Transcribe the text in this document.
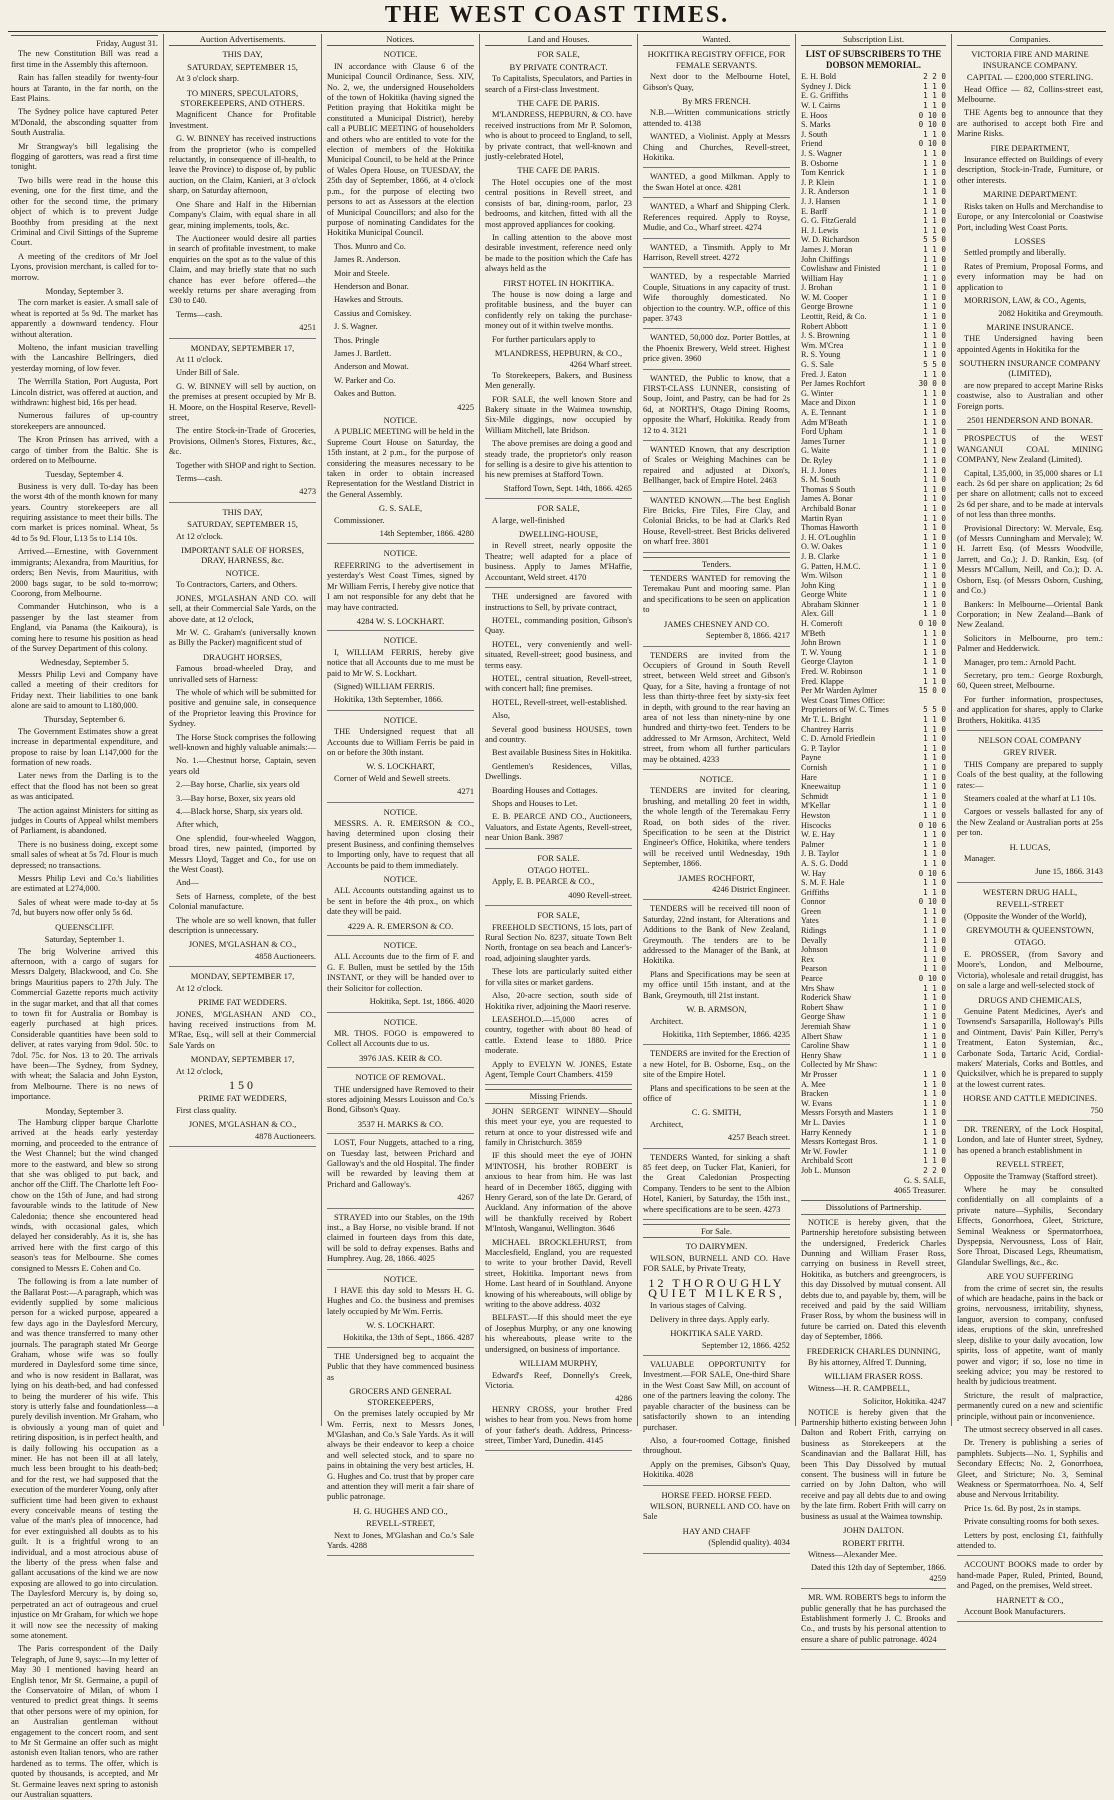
THE WEST COAST TIMES.
Friday, August 31.
The new Constitution Bill was read a first time in the Assembly this afternoon.
Rain has fallen steadily for twenty-four hours at Taranto, in the far north, on the East Plains.
The Sydney police have captured Peter M'Donald, the absconding squatter from South Australia.
Mr Strangway's bill legalising the flogging of garotters, was read a first time tonight.
Two bills were read in the house this evening, one for the first time, and the other for the second time, the primary object of which is to prevent Judge Boothby from presiding at the next Criminal and Civil Sittings of the Supreme Court.
A meeting of the creditors of Mr Joel Lyons, provision merchant, is called for to-morrow.
Monday, September 3.
The corn market is easier. A small sale of wheat is reported at 5s 9d. The market has apparently a downward tendency. Flour without alteration.
Molteno, the infant musician travelling with the Lancashire Bellringers, died yesterday morning, of low fever.
The Werrilla Station, Port Augusta, Port Lincoln district, was offered at auction, and withdrawn: highest bid, 16s per head.
Numerous failures of up-country storekeepers are announced.
The Kron Prinsen has arrived, with a cargo of timber from the Baltic. She is ordered on to Melbourne.
Tuesday, September 4.
Business is very dull. To-day has been the worst 4th of the month known for many years. Country storekeepers are all requiring assistance to meet their bills. The corn market is prices nominal. Wheat, 5s 4d to 5s 9d. Flour, L13 5s to L14 10s.
Arrived.—Ernestine, with Government immigrants; Alexandra, from Mauritius, for orders; Ben Nevis, from Mauritius, with 2000 bags sugar, to be sold to-morrow; Coorong, from Melbourne.
Commander Hutchinson, who is a passenger by the last steamer from England, via Panama (the Kaikoura), is coming here to resume his position as head of the Survey Department of this colony.
Wednesday, September 5.
Messrs Philip Levi and Company have called a meeting of their creditors for Friday next. Their liabilities to one bank alone are said to amount to L180,000.
Thursday, September 6.
The Government Estimates show a great increase in departmental expenditure, and propose to raise by loan L147,000 for the formation of new roads.
Later news from the Darling is to the effect that the flood has not been so great as was anticipated.
The action against Ministers for sitting as judges in Courts of Appeal whilst members of Parliament, is abandoned.
There is no business doing, except some small sales of wheat at 5s 7d. Flour is much depressed; no transactions.
Messrs Philip Levi and Co.'s liabilities are estimated at L274,000.
Sales of wheat were made to-day at 5s 7d, but buyers now offer only 5s 6d.
QUEENSCLIFF.
Saturday, September 1.
The brig Wolverine arrived this afternoon, with a cargo of sugars for Messrs Dalgety, Blackwood, and Co. She brings Mauritius papers to 27th July. The Commercial Gazette reports much activity in the sugar market, and that all that comes to town fit for Australia or Bombay is eagerly purchased at high prices. Considerable quantities have been sold to deliver, at rates varying from 9dol. 50c. to 7dol. 75c. for Nos. 13 to 20. The arrivals have been—The Sydney, from Sydney, with wheat; the Salacia and John Eyston, from Melbourne. There is no news of importance.
Monday, September 3.
The Hamburg clipper barque Charlotte arrived at the heads early yesterday morning, and proceeded to the entrance of the West Channel; but the wind changed more to the eastward, and blew so strong that she was obliged to put back, and anchor off the Cliff. The Charlotte left Foo-chow on the 15th of June, and had strong favourable winds to the latitude of New Caledonia; thence she encountered head winds, with occasional gales, which delayed her considerably. As it is, she has arrived here with the first cargo of this season's teas for Melbourne. She comes consigned to Messrs E. Cohen and Co.
The following is from a late number of the Ballarat Post:—A paragraph, which was evidently supplied by some malicious person for a wicked purpose, appeared a few days ago in the Daylesford Mercury, and was thence transferred to many other journals. The paragraph stated Mr George Graham, whose wife was so foully murdered in Daylesford some time since, and who is now resident in Ballarat, was lying on his death-bed, and had confessed to being the murderer of his wife. This story is utterly false and foundationless—a purely devilish invention. Mr Graham, who is obviously a young man of quiet and retiring disposition, is in perfect health, and is daily following his occupation as a miner. He has not been ill at all lately, much less been brought to his death-bed; and for the rest, we had supposed that the execution of the murderer Young, only after sufficient time had been given to exhaust every conceivable means of testing the value of the man's plea of innocence, had for ever extinguished all doubts as to his guilt. It is a frightful wrong to an individual, and a most atrocious abuse of the liberty of the press when false and gallant accusations of the kind we are now exposing are allowed to go into circulation. The Daylesford Mercury is, by doing so, perpetrated an act of outrageous and cruel injustice on Mr Graham, for which we hope it will now see the necessity of making some atonement.
The Paris correspondent of the Daily Telegraph, of June 9, says:—In my letter of May 30 I mentioned having heard an English tenor, Mr St. Germaine, a pupil of the Conservatoire of Milan, of whom I ventured to predict great things. It seems that other persons were of my opinion, for an Australian gentleman without engagement to the concert room, and sent to Mr St Germaine an offer such as might astonish even Italian tenors, who are rather hardened as to terms. The offer, which is quoted by thousands, is accepted, and Mr St. Germaine leaves next spring to astonish our Australian squatters.
Auction Advertisements.
THIS DAY,
SATURDAY, SEPTEMBER 15,
At 3 o'clock sharp.
TO MINERS, SPECULATORS, STOREKEEPERS, AND OTHERS.
Magnificent Chance for Profitable Investment.
G. W. BINNEY has received instructions from the proprietor (who is compelled reluctantly, in consequence of ill-health, to leave the Province) to dispose of, by public auction, on the Claim, Kanieri, at 3 o'clock sharp, on Saturday afternoon,
One Share and Half in the Hibernian Company's Claim, with equal share in all gear, mining implements, tools, &c.
The Auctioneer would desire all parties in search of profitable investment, to make enquiries on the spot as to the value of this Claim, and may briefly state that no such chance has ever before offered—the weekly returns per share averaging from £30 to £40.
Terms—cash.
4251
MONDAY, SEPTEMBER 17,
At 11 o'clock.
Under Bill of Sale.
G. W. BINNEY will sell by auction, on the premises at present occupied by Mr B. H. Moore, on the Hospital Reserve, Revell-street,
The entire Stock-in-Trade of Groceries, Provisions, Oilmen's Stores, Fixtures, &c., &c.
Together with SHOP and right to Section.
Terms—cash.
4273
THIS DAY,
SATURDAY, SEPTEMBER 15,
At 12 o'clock.
IMPORTANT SALE OF HORSES, DRAY, HARNESS, &c.
NOTICE.
To Contractors, Carters, and Others.
JONES, M'GLASHAN AND CO. will sell, at their Commercial Sale Yards, on the above date, at 12 o'clock,
Mr W. C. Graham's (universally known as Billy the Packer) magnificent stud of
DRAUGHT HORSES,
Famous broad-wheeled Dray, and unrivalled sets of Harness:
The whole of which will be submitted for positive and genuine sale, in consequence of the Proprietor leaving this Province for Sydney.
The Horse Stock comprises the following well-known and highly valuable animals:—
No. 1.—Chestnut horse, Captain, seven years old
2.—Bay horse, Charlie, six years old
3.—Bay horse, Boxer, six years old
4.—Black horse, Sharp, six years old.
After which,
One splendid, four-wheeled Waggon, broad tires, new painted, (imported by Messrs Lloyd, Tagget and Co., for use on the West Coast).
And—
Sets of Harness, complete, of the best Colonial manufacture.
The whole are so well known, that fuller description is unnecessary.
JONES, M'GLASHAN & CO.,
4858 Auctioneers.
MONDAY, SEPTEMBER 17,
At 12 o'clock.
PRIME FAT WEDDERS.
JONES, M'GLASHAN AND CO., having received instructions from M. M'Rae, Esq., will sell at their Commercial Sale Yards on
MONDAY, SEPTEMBER 17,
At 12 o'clock,
150
PRIME FAT WEDDERS,
First class quality.
JONES, M'GLASHAN & CO.,
4878 Auctioneers.
Notices.
NOTICE.
IN accordance with Clause 6 of the Municipal Council Ordinance, Sess. XIV, No. 2, we, the undersigned Householders of the town of Hokitika (having signed the Petition praying that Hokitika might be constituted a Municipal District), hereby call a PUBLIC MEETING of householders and others who are entitled to vote for the election of members of the Hokitika Municipal Council, to be held at the Prince of Wales Opera House, on TUESDAY, the 25th day of September, 1866, at 4 o'clock p.m., for the purpose of electing two persons to act as Assessors at the election of Municipal Councillors; and also for the purpose of nominating Candidates for the Hokitika Municipal Council.
Thos. Munro and Co.
James R. Anderson.
Moir and Steele.
Henderson and Bonar.
Hawkes and Strouts.
Cassius and Comiskey.
J. S. Wagner.
Thos. Pringle
James J. Bartlett.
Anderson and Mowat.
W. Parker and Co.
Oakes and Button.
4225
NOTICE.
A PUBLIC MEETING will be held in the Supreme Court House on Saturday, the 15th instant, at 2 p.m., for the purpose of considering the measures necessary to be taken in order to obtain increased Representation for the Westland District in the General Assembly.
G. S. SALE,
Commissioner.
14th September, 1866. 4280
NOTICE.
REFERRING to the advertisement in yesterday's West Coast Times, signed by Mr William Ferris, I hereby give notice that I am not responsible for any debt that he may have contracted.
4284 W. S. LOCKHART.
NOTICE.
I, WILLIAM FERRIS, hereby give notice that all Accounts due to me must be paid to Mr W. S. Lockhart.
(Signed) WILLIAM FERRIS.
Hokitika, 13th September, 1866.
NOTICE.
THE Undersigned request that all Accounts due to William Ferris be paid in on or before the 30th instant.
W. S. LOCKHART,
Corner of Weld and Sewell streets.
4271
NOTICE.
MESSRS. A. R. EMERSON & CO., having determined upon closing their present Business, and confining themselves to Importing only, have to request that all Accounts be paid to them immediately.
NOTICE.
ALL Accounts outstanding against us to be sent in before the 4th prox., on which date they will be paid.
4229 A. R. EMERSON & CO.
NOTICE.
ALL Accounts due to the firm of F. and G. F. Bullen, must be settled by the 15th INSTANT, or they will be handed over to their Solicitor for collection.
Hokitika, Sept. 1st, 1866. 4020
NOTICE.
MR. THOS. FOGO is empowered to Collect all Accounts due to us.
3976 JAS. KEIR & CO.
NOTICE OF REMOVAL.
THE undersigned have Removed to their stores adjoining Messrs Louisson and Co.'s Bond, Gibson's Quay.
3537 H. MARKS & CO.
LOST, Four Nuggets, attached to a ring, on Tuesday last, between Prichard and Galloway's and the old Hospital. The finder will be rewarded by leaving them at Prichard and Galloway's.
4267
STRAYED into our Stables, on the 19th inst., a Bay Horse, no visible brand. If not claimed in fourteen days from this date, will be sold to defray expenses. Baths and Humphrey. Aug. 28, 1866. 4025
NOTICE.
I HAVE this day sold to Messrs H. G. Hughes and Co. the business and premises lately occupied by Mr Wm. Ferris.
W. S. LOCKHART.
Hokitika, the 13th of Sept., 1866. 4287
THE Undersigned beg to acquaint the Public that they have commenced business as
GROCERS AND GENERAL STOREKEEPERS,
On the premises lately occupied by Mr Wm. Ferris, next to Messrs Jones, M'Glashan, and Co.'s Sale Yards. As it will always be their endeavor to keep a choice and well selected stock, and to spare no pains in obtaining the very best articles, H. G. Hughes and Co. trust that by proper care and attention they will merit a fair share of public patronage.
H. G. HUGHES AND CO.,
REVELL-STREET,
Next to Jones, M'Glashan and Co.'s Sale Yards. 4288
Land and Houses.
FOR SALE,
BY PRIVATE CONTRACT.
To Capitalists, Speculators, and Parties in search of a First-class Investment.
THE CAFE DE PARIS.
M'LANDRESS, HEPBURN, & CO. have received instructions from Mr P. Solomon, who is about to proceed to England, to sell, by private contract, that well-known and justly-celebrated Hotel,
THE CAFE DE PARIS.
The Hotel occupies one of the most central positions in Revell street, and consists of bar, dining-room, parlor, 23 bedrooms, and kitchen, fitted with all the most approved appliances for cooking.
In calling attention to the above most desirable investment, reference need only be made to the position which the Cafe has always held as the
FIRST HOTEL IN HOKITIKA.
The house is now doing a large and profitable business, and the buyer can confidently rely on taking the purchase-money out of it within twelve months.
For further particulars apply to
M'LANDRESS, HEPBURN, & CO.,
4264 Wharf street.
To Storekeepers, Bakers, and Business Men generally.
FOR SALE, the well known Store and Bakery situate in the Waimea township, Six-Mile diggings, now occupied by William Mitchell, late Bridson.
The above premises are doing a good and steady trade, the proprietor's only reason for selling is a desire to give his attention to his new premises at Stafford Town.
Stafford Town, Sept. 14th, 1866. 4265
FOR SALE,
A large, well-finished
DWELLING-HOUSE,
in Revell street, nearly opposite the Theatre; well adapted for a place of business. Apply to James M'Haffie, Accountant, Weld street. 4170
THE undersigned are favored with instructions to Sell, by private contract,
HOTEL, commanding position, Gibson's Quay.
HOTEL, very conveniently and well-situated, Revell-street; good business, and terms easy.
HOTEL, central situation, Revell-street, with concert hall; fine premises.
HOTEL, Revell-street, well-established.
Also,
Several good business HOUSES, town and country.
Best available Business Sites in Hokitika.
Gentlemen's Residences, Villas, Dwellings.
Boarding Houses and Cottages.
Shops and Houses to Let.
E. B. PEARCE AND CO., Auctioneers, Valuators, and Estate Agents, Revell-street, near Union Bank. 3987
FOR SALE.
OTAGO HOTEL.
Apply, E. B. PEARCE & CO.,
4090 Revell-street.
FOR SALE,
FREEHOLD SECTIONS, 15 lots, part of Rural Section No. 8237, situate Town Belt North, frontage on sea beach and Lancer's-road, adjoining slaughter yards.
These lots are particularly suited either for villa sites or market gardens.
Also, 20-acre section, south side of Hokitika river, adjoining the Maori reserve.
LEASEHOLD.—15,000 acres of country, together with about 80 head of cattle. Extend lease to 1880. Price moderate.
Apply to EVELYN W. JONES, Estate Agent, Temple Court Chambers. 4159
Missing Friends.
JOHN SERGENT WINNEY—Should this meet your eye, you are requested to return at once to your distressed wife and family in Christchurch. 3859
IF this should meet the eye of JOHN M'INTOSH, his brother ROBERT is anxious to hear from him. He was last heard of in December 1865, digging with Henry Gerard, son of the late Dr. Gerard, of Auckland. Any information of the above will be thankfully received by Robert M'Intosh, Wanganui, Wellington. 3646
MICHAEL BROCKLEHURST, from Macclesfield, England, you are requested to write to your brother David, Revell street, Hokitika. Important news from Home. Last heard of in Southland. Anyone knowing of his whereabouts, will oblige by writing to the above address. 4032
BELFAST.—If this should meet the eye of Josephus Murphy, or any one knowing his whereabouts, please write to the undersigned, on business of importance.
WILLIAM MURPHY,
Edward's Reef, Donnelly's Creek, Victoria.
4286
HENRY CROSS, your brother Fred wishes to hear from you. News from home of your father's death. Address, Princess-street, Timber Yard, Dunedin. 4145
Wanted.
HOKITIKA REGISTRY OFFICE, FOR FEMALE SERVANTS.
Next door to the Melbourne Hotel, Gibson's Quay,
By MRS FRENCH.
N.B.—Written communications strictly attended to. 4138
WANTED, a Violinist. Apply at Messrs Ching and Churches, Revell-street, Hokitika.
WANTED, a good Milkman. Apply to the Swan Hotel at once. 4281
WANTED, a Wharf and Shipping Clerk. References required. Apply to Royse, Mudie, and Co., Wharf street. 4274
WANTED, a Tinsmith. Apply to Mr Harrison, Revell street. 4272
WANTED, by a respectable Married Couple, Situations in any capacity of trust. Wife thoroughly domesticated. No objection to the country. W.P., office of this paper. 3743
WANTED, 50,000 doz. Porter Bottles, at the Phoenix Brewery, Weld street. Highest price given. 3960
WANTED, the Public to know, that a FIRST-CLASS LUNNER, consisting of Soup, Joint, and Pastry, can be had for 2s 6d, at NORTH'S, Otago Dining Rooms, opposite the Wharf, Hokitika. Ready from 12 to 4. 3121
WANTED Known, that any description of Scales or Weighing Machines can be repaired and adjusted at Dixon's, Bellhanger, back of Empire Hotel. 2463
WANTED KNOWN.—The best English Fire Bricks, Fire Tiles, Fire Clay, and Colonial Bricks, to be had at Clark's Red House, Revell-street. Best Bricks delivered on wharf free. 3801
Tenders.
TENDERS WANTED for removing the Teremakau Punt and mooring same. Plan and specifications to be seen on application to
JAMES CHESNEY AND CO.
September 8, 1866. 4217
TENDERS are invited from the Occupiers of Ground in South Revell street, between Weld street and Gibson's Quay, for a Site, having a frontage of not less than thirty-three feet by sixty-six feet in depth, with ground to the rear having an area of not less than ninety-nine by one hundred and thirty-two feet. Tenders to be addressed to Mr Armson, Architect, Weld street, from whom all further particulars may be obtained. 4233
NOTICE.
TENDERS are invited for clearing, brushing, and metalling 20 feet in width, the whole length of the Teremakau Ferry Road, on both sides of the river. Specification to be seen at the District Engineer's Office, Hokitika, where tenders will be received until Wednesday, 19th September, 1866.
JAMES ROCHFORT,
4246 District Engineer.
TENDERS will be received till noon of Saturday, 22nd instant, for Alterations and Additions to the Bank of New Zealand, Greymouth. The tenders are to be addressed to the Manager of the Bank, at Hokitika.
Plans and Specifications may be seen at my office until 15th instant, and at the Bank, Greymouth, till 21st instant.
W. B. ARMSON,
Architect.
Hokitika, 11th September, 1866. 4235
TENDERS are invited for the Erection of a new Hotel, for B. Osborne, Esq., on the site of the Empire Hotel.
Plans and specifications to be seen at the office of
C. G. SMITH,
Architect,
4257 Beach street.
TENDERS Wanted, for sinking a shaft 85 feet deep, on Tucker Flat, Kanieri, for the Great Caledonian Prospecting Company. Tenders to be sent to the Albion Hotel, Kanieri, by Saturday, the 15th inst., where specifications are to be seen. 4273
For Sale.
TO DAIRYMEN.
WILSON, BURNELL AND CO. Have FOR SALE, by Private Treaty,
12 THOROUGHLY QUIET MILKERS,
In various stages of Calving.
Delivery in three days. Apply early.
HOKITIKA SALE YARD.
September 12, 1866. 4252
VALUABLE OPPORTUNITY for Investment.—FOR SALE, One-third Share in the West Coast Saw Mill, on account of one of the partners leaving the colony. The payable character of the business can be satisfactorily shown to an intending purchaser.
Also, a four-roomed Cottage, finished throughout.
Apply on the premises, Gibson's Quay, Hokitika. 4028
HORSE FEED. HORSE FEED.
WILSON, BURNELL AND CO. have on Sale
HAY AND CHAFF
(Splendid quality). 4034
Subscription List.
LIST OF SUBSCRIBERS TO THE DOBSON MEMORIAL.
E. H. Bold	2 2 0
Sydney J. Dick	1 1 0
E. G. Griffiths	1 1 0
W. I. Cairns	1 1 0
E. Hoos	0 10 0
S. Marks	0 10 0
J. South	1 1 0
Friend	0 10 0
J. S. Wagner	1 1 0
B. Osborne	1 1 0
Tom Kenrick	1 1 0
J. P. Klein	1 1 0
J. R. Anderson	1 1 0
J. J. Hansen	1 1 0
E. Barff	1 1 0
G. G. FitzGerald	1 1 0
H. J. Lewis	1 1 0
W. D. Richardson	5 5 0
James J. Moran	1 1 0
John Chiffings	1 1 0
Cowlishaw and Finisted	1 1 0
William Hay	1 1 0
J. Brohan	1 1 0
W. M. Cooper	1 1 0
George Browne	1 1 0
Leottit, Reid, & Co.	1 1 0
Robert Abbott	1 1 0
J. S. Browning	1 1 0
Wm. M'Crea	1 1 0
R. S. Young	1 1 0
G. S. Sale	5 5 0
Fred. J. Eaton	1 1 0
Per James Rochfort	30 0 0
G. Winter	1 1 0
Mace and Dixon	1 1 0
A. E. Tennant	1 1 0
Adm M'Beath	1 1 0
Ford Upham	1 1 0
James Turner	1 1 0
G. Waite	1 1 0
Dr. Ryley	1 1 0
H. J. Jones	1 1 0
S. M. South	1 1 0
Thomas S South	1 1 0
James A. Bonar	1 1 0
Archibald Bonar	1 1 0
Martin Ryan	1 1 0
Thomas Haworth	1 1 0
J. H. O'Loughlin	1 1 0
O. W. Oakes	1 1 0
J. B. Clarke	1 1 0
G. Patten, H.M.C.	1 1 0
Wm. Wilson	1 1 0
John King	1 1 0
George White	1 1 0
Abraham Skinner	1 1 0
Alex. Gill	1 1 0
H. Comeroft	0 10 0
M'Beth	1 1 0
John Brown	1 1 0
T. W. Young	1 1 0
George Clayton	1 1 0
Fred. W. Robinson	1 1 0
Fred. Klappe	1 1 0
Per Mr Warden Aylmer	15 0 0
West Coast Times Office:
Proprietors of W. C. Times	5 5 0
Mr T. L. Bright	1 1 0
Chantrey Harris	1 1 0
C. D. Arnold Friedlein	1 1 0
G. P. Taylor	1 1 0
Payne	1 1 0
Cornish	1 1 0
Hare	1 1 0
Kneewaitup	1 1 0
Schmidt	1 1 0
M'Kellar	1 1 0
Hewston	1 1 0
Hiscocks	0 10 6
W. E. Hay	1 1 0
Palmer	1 1 0
J. B. Taylor	1 1 0
A. S. G. Dodd	1 1 0
W. Hay	0 10 6
S. M. F. Hale	1 1 0
Griffiths	1 1 0
Connor	0 10 0
Green	1 1 0
Yates	1 1 0
Ridings	1 1 0
Devally	1 1 0
Johnson	1 1 0
Rex	1 1 0
Pearson	1 1 0
Pearce	0 10 0
Mrs Shaw	1 1 0
Roderick Shaw	1 1 0
Robert Shaw	1 1 0
George Shaw	1 1 0
Jeremiah Shaw	1 1 0
Albert Shaw	1 1 0
Caroline Shaw	1 1 0
Henry Shaw	1 1 0
Collected by Mr Shaw:
Mr Prosser	1 1 0
A. Mee	1 1 0
Bracken	1 1 0
W. Evans	1 1 0
Messrs Forsyth and Masters	1 1 0
Mr L. Davies	1 1 0
Harry Kennedy	1 1 0
Messrs Kortegast Bros.	1 1 0
Mr W. Fowler	1 1 0
Archibald Scott	1 1 0
Job L. Munson	2 2 0
G. S. SALE,
4065 Treasurer.
Dissolutions of Partnership.
NOTICE is hereby given, that the Partnership heretofore subsisting between the undersigned, Frederick Charles Dunning and William Fraser Ross, carrying on business in Revell street, Hokitika, as butchers and greengrocers, is this day Dissolved by mutual consent. All debts due to, and payable by, them, will be received and paid by the said William Fraser Ross, by whom the business will in future be carried on. Dated this eleventh day of September, 1866.
FREDERICK CHARLES DUNNING,
By his attorney, Alfred T. Dunning,
WILLIAM FRASER ROSS.
Witness—H. R. CAMPBELL,
Solicitor, Hokitika. 4247
NOTICE is hereby given that the Partnership hitherto existing between John Dalton and Robert Frith, carrying on business as Storekeepers at the Scandinavian and the Ballarat Hill, has been This Day Dissolved by mutual consent. The business will in future be carried on by John Dalton, who will receive and pay all debts due to and owing by the late firm. Robert Frith will carry on business as usual at the Waimea township.
JOHN DALTON.
ROBERT FRITH.
Witness—Alexander Mee.
Dated this 12th day of September, 1866. 4259
MR. WM. ROBERTS begs to inform the public generally that he has purchased the Establishment formerly J. C. Brooks and Co., and trusts by his personal attention to ensure a share of public patronage. 4024
Companies.
VICTORIA FIRE AND MARINE INSURANCE COMPANY.
CAPITAL — £200,000 STERLING.
Head Office — 82, Collins-street east, Melbourne.
THE Agents beg to announce that they are authorised to accept both Fire and Marine Risks.
FIRE DEPARTMENT,
Insurance effected on Buildings of every description, Stock-in-Trade, Furniture, or other interests.
MARINE DEPARTMENT.
Risks taken on Hulls and Merchandise to Europe, or any Intercolonial or Coastwise Port, including West Coast Ports.
LOSSES
Settled promptly and liberally.
Rates of Premium, Proposal Forms, and every information may be had on application to
MORRISON, LAW, & CO., Agents,
2082 Hokitika and Greymouth.
MARINE INSURANCE.
THE Undersigned having been appointed Agents in Hokitika for the
SOUTHERN INSURANCE COMPANY (LIMITED),
are now prepared to accept Marine Risks coastwise, also to Australian and other Foreign ports.
2501 HENDERSON AND BONAR.
PROSPECTUS of the WEST WANGANUI COAL MINING COMPANY, New Zealand (Limited).
Capital, L35,000, in 35,000 shares or L1 each. 2s 6d per share on application; 2s 6d per share on allotment; calls not to exceed 2s 6d per share, and to be made at intervals of not less than three months.
Provisional Directory: W. Mervale, Esq. (of Messrs Cunningham and Mervale); W. H. Jarrett Esq. (of Messrs Woodville, Jarrett, and Co.); J. D. Rankin, Esq. (of Messrs M'Callum, Neill, and Co.); D. A. Osborn, Esq. (of Messrs Osborn, Cushing, and Co.)
Bankers: In Melbourne—Oriental Bank Corporation; in New Zealand—Bank of New Zealand.
Solicitors in Melbourne, pro tem.: Palmer and Hedderwick.
Manager, pro tem.: Arnold Pacht.
Secretary, pro tem.: George Roxburgh, 60, Queen street, Melbourne.
For further information, prospectuses, and application for shares, apply to Clarke Brothers, Hokitika. 4135
NELSON COAL COMPANY
GREY RIVER.
THIS Company are prepared to supply Coals of the best quality, at the following rates:—
Steamers coaled at the wharf at L1 10s.
Cargoes or vessels ballasted for any of the New Zealand or Australian ports at 25s per ton.
H. LUCAS,
Manager.
June 15, 1866. 3143
WESTERN DRUG HALL,
REVELL-STREET
(Opposite the Wonder of the World),
GREYMOUTH & QUEENSTOWN,
OTAGO.
E. PROSSER, (from Savory and Moore's, London, and Melbourne, Victoria), wholesale and retail druggist, has on sale a large and well-selected stock of
DRUGS AND CHEMICALS,
Genuine Patent Medicines, Ayer's and Townsend's Sarsaparilla, Holloway's Pills and Ointment, Davis' Pain Killer, Perry's Treatment, Eaton Systemian, &c., Carbonate Soda, Tartaric Acid, Cordial-makers' Materials, Corks and Bottles, and Quicksilver, which he is prepared to supply at the lowest current rates.
HORSE AND CATTLE MEDICINES.
750
DR. TRENERY, of the Lock Hospital, London, and late of Hunter street, Sydney, has opened a branch establishment in
REVELL STREET,
Opposite the Tramway (Stafford street).
Where he may be consulted confidentially on all complaints of a private nature—Syphilis, Secondary Effects, Gonorrhoea, Gleet, Stricture, Seminal Weakness or Spermatorrhoea, Dyspepsia, Nervousness, Loss of Hair, Sore Throat, Discased Legs, Rheumatism, Glandular Swellings, &c., &c.
ARE YOU SUFFERING
from the crime of secret sin, the results of which are headache, pains in the back or groins, nervousness, irritability, shyness, languor, aversion to company, confused ideas, eruptions of the skin, unrefreshed sleep, dislike to your daily avocation, low spirits, loss of appetite, want of manly power and vigor; if so, lose no time in seeking advice; you may be restored to health by judicious treatment.
Stricture, the result of malpractice, permanently cured on a new and scientific principle, without pain or inconvenience.
The utmost secrecy observed in all cases.
Dr. Trenery is publishing a series of pamphlets. Subjects—No. 1, Syphilis and Secondary Effects; No. 2, Gonorrhoea, Gleet, and Stricture; No. 3, Seminal Weakness or Spermatorrhoea. No. 4, Self abuse and Nervous Irritability.
Price 1s. 6d. By post, 2s in stamps.
Private consulting rooms for both sexes.
Letters by post, enclosing £1, faithfully attended to.
ACCOUNT BOOKS made to order by hand-made Paper, Ruled, Printed, Bound, and Paged, on the premises, Weld street.
HARNETT & CO.,
Account Book Manufacturers.
